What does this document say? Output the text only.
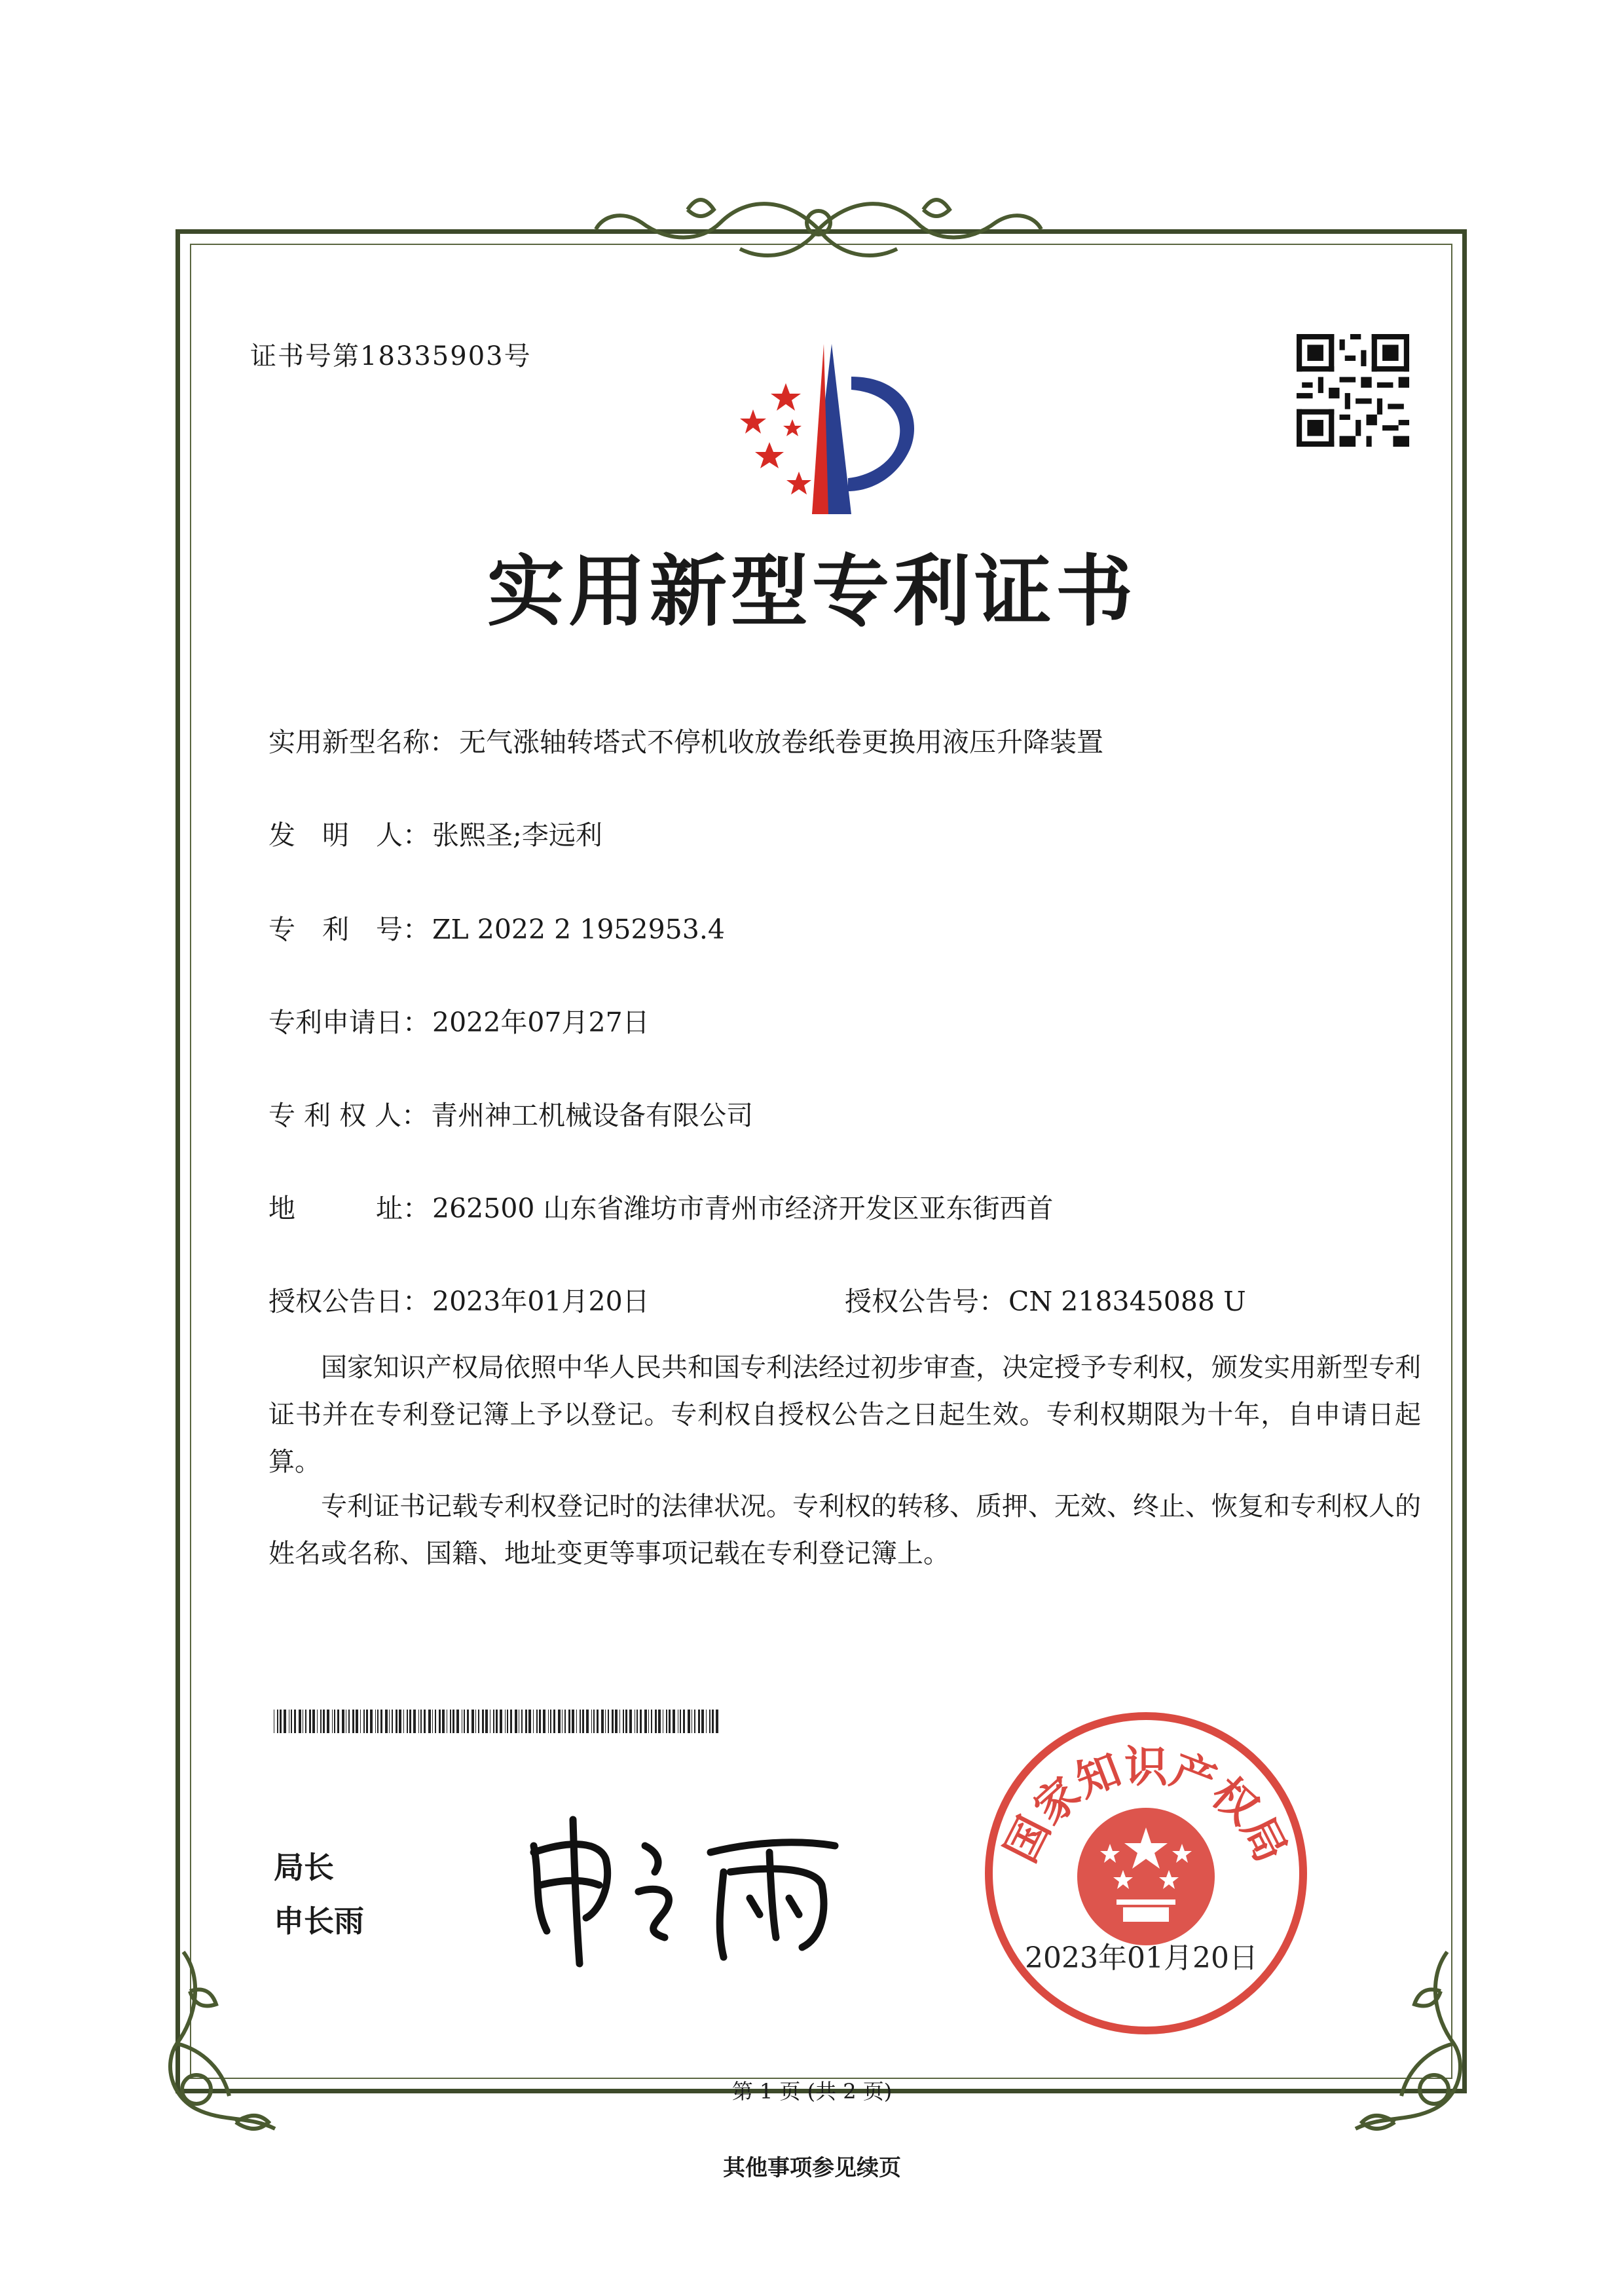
证书号第18335903号
实用新型专利证书
实用新型名称：无气涨轴转塔式不停机收放卷纸卷更换用液压升降装置
发　明　人：张熙圣;李远利
专　利　号：ZL 2022 2 1952953.4
专利申请日：2022年07月27日
专 利 权 人：青州神工机械设备有限公司
地　　　址：262500 山东省潍坊市青州市经济开发区亚东街西首
授权公告日：2023年01月20日	授权公告号：CN 218345088 U
国家知识产权局依照中华人民共和国专利法经过初步审查，决定授予专利权，颁发实用新型专利证书并在专利登记簿上予以登记。专利权自授权公告之日起生效。专利权期限为十年，自申请日起算。
专利证书记载专利权登记时的法律状况。专利权的转移、质押、无效、终止、恢复和专利权人的姓名或名称、国籍、地址变更等事项记载在专利登记簿上。
局长
申长雨
国家知识产权局
2023年01月20日
第 1 页 (共 2 页)
其他事项参见续页
